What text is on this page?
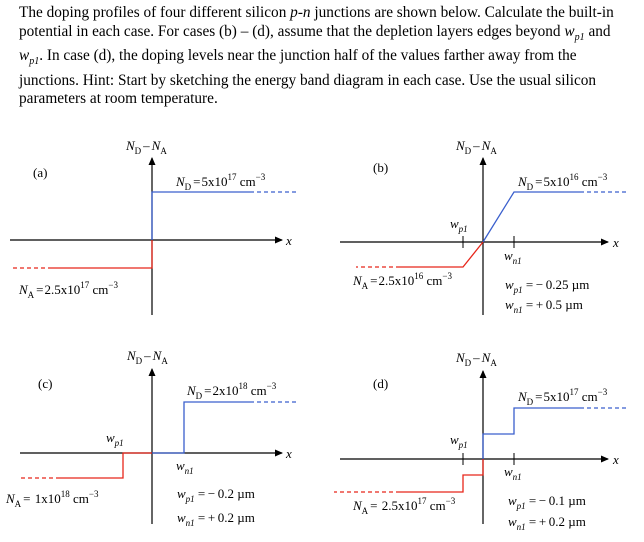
The doping profiles of four different silicon p-n junctions are shown below. Calculate the built-in potential in each case. For cases (b) – (d), assume that the depletion layers edges beyond $w_{p1}$ and $w_{p1}$. In case (d), the doping levels near the junction half of the values farther away from the junctions. Hint: Start by sketching the energy band diagram in each case. Use the usual silicon parameters at room temperature.

(a)
$N_D - N_A$
x
$N_D =5x10^{17}$ $cm^{-3}$
$N_A =2.5x10^{17}$ $cm^{-3}$
(b)
$N_D - N_A$
x
$N_D =5x10^{16}$ $cm^{-3}$
$N_A =2.5x10^{16}$ $cm^{-3}$
$w_{p1}$
$w_{n1}$
$w_{p1}$ = − 0.25 µm
$w_{n1}$ = + 0.5 µm
(c)
$N_D - N_A$
x
$N_D =2x10^{18}$ $cm^{-3}$
$N_A = 1x10^{18}$ $cm^{-3}$
$w_{p1}$
$w_{n1}$
$w_{p1}$ = − 0.2 µm
$w_{n1}$ = + 0.2 µm
(d)
$N_D - N_A$
x
$N_D =5x10^{17}$ $cm^{-3}$
$N_A = 2.5x10^{17}$ $cm^{-3}$
$w_{p1}$
$w_{n1}$
$w_{p1}$ = − 0.1 µm
$w_{n1}$ = + 0.2 µm
